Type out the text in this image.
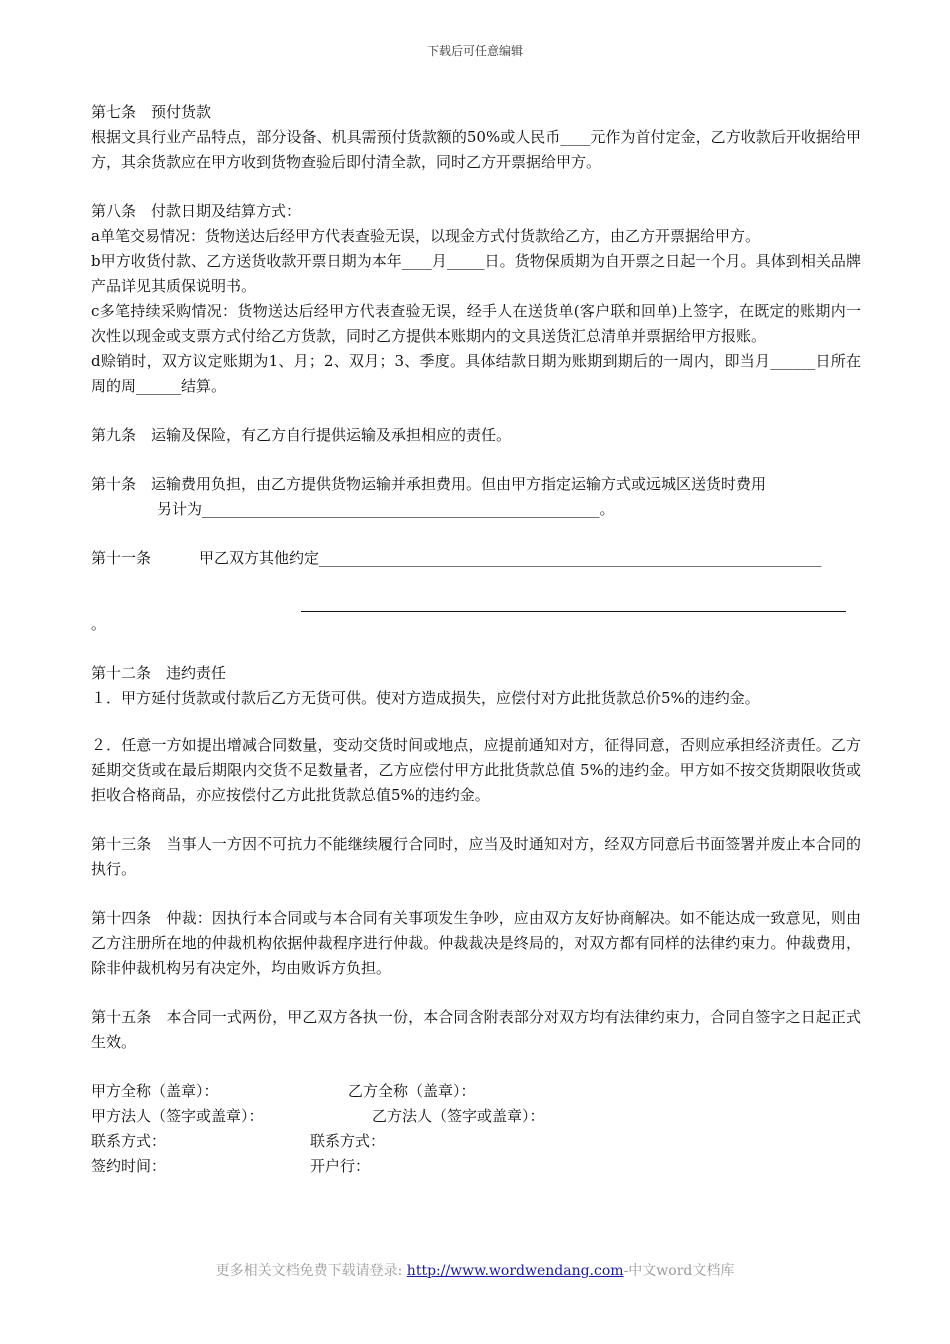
下载后可任意编辑

第七条　预付货款

根据文具行业产品特点，部分设备、机具需预付货款额的50%或人民币____元作为首付定金，乙方收款后开收据给甲方，其余货款应在甲方收到货物查验后即付清全款，同时乙方开票据给甲方。

第八条　付款日期及结算方式：

a单笔交易情况：货物送达后经甲方代表查验无误，以现金方式付货款给乙方，由乙方开票据给甲方。

b甲方收货付款、乙方送货收款开票日期为本年____月_____日。货物保质期为自开票之日起一个月。具体到相关品牌产品详见其质保说明书。

c多笔持续采购情况：货物送达后经甲方代表查验无误，经手人在送货单(客户联和回单)上签字，在既定的账期内一次性以现金或支票方式付给乙方货款，同时乙方提供本账期内的文具送货汇总清单并票据给甲方报账。

d赊销时，双方议定账期为1、月；2、双月；3、季度。具体结款日期为账期到期后的一周内，即当月______日所在周的周______结算。

第九条　运输及保险，有乙方自行提供运输及承担相应的责任。

第十条　运输费用负担，由乙方提供货物运输并承担费用。但由甲方指定运输方式或远城区送货时费用

另计为_____________________________________________________。

第十一条	甲乙双方其他约定___________________________________________________________________

。

第十二条　违约责任

１．甲方延付货款或付款后乙方无货可供。使对方造成损失，应偿付对方此批货款总价5%的违约金。

２．任意一方如提出增减合同数量，变动交货时间或地点，应提前通知对方，征得同意，否则应承担经济责任。乙方延期交货或在最后期限内交货不足数量者，乙方应偿付甲方此批货款总值 5%的违约金。甲方如不按交货期限收货或拒收合格商品，亦应按偿付乙方此批货款总值5%的违约金。

第十三条　当事人一方因不可抗力不能继续履行合同时，应当及时通知对方，经双方同意后书面签署并废止本合同的执行。

第十四条　仲裁：因执行本合同或与本合同有关事项发生争吵，应由双方友好协商解决。如不能达成一致意见，则由乙方注册所在地的仲裁机构依据仲裁程序进行仲裁。仲裁裁决是终局的，对双方都有同样的法律约束力。仲裁费用，除非仲裁机构另有决定外，均由败诉方负担。

第十五条　本合同一式两份，甲乙双方各执一份，本合同含附表部分对双方均有法律约束力，合同自签字之日起正式生效。

甲方全称（盖章）：	乙方全称（盖章）：
甲方法人（签字或盖章）：	乙方法人（签字或盖章）：
联系方式：	联系方式：
签约时间：	开户行：
更多相关文档免费下载请登录: http://www.wordwendang.com-中文word文档库
